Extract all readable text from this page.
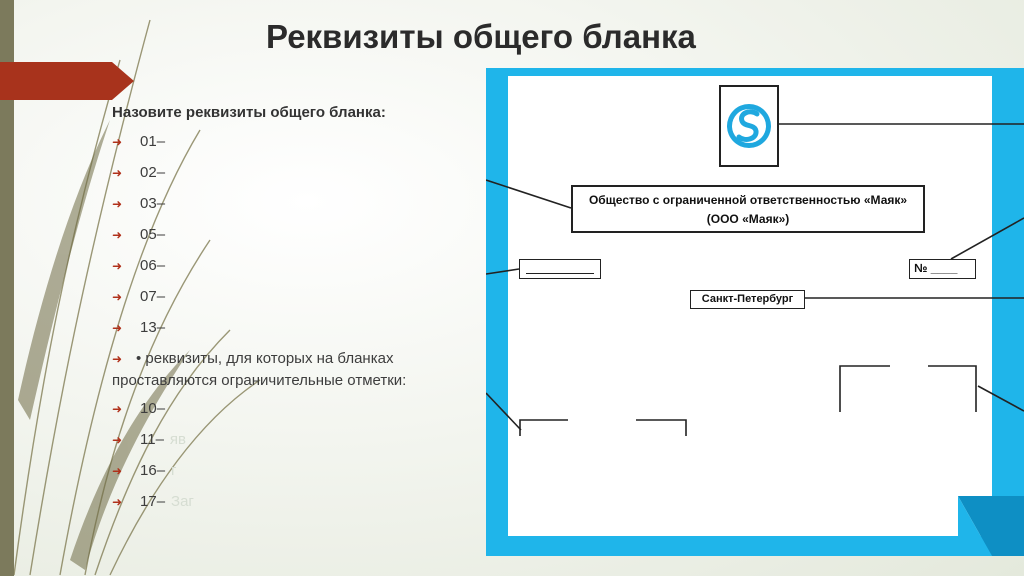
Реквизиты общего бланка
Назовите реквизиты общего бланка:
➜	01 –
➜	02 –
➜	03 –
➜	05 –
➜	06 –
➜	07 –
➜	13 –
➜ • реквизиты, для которых на бланках проставляются ограничительные отметки:
➜	10 –
➜	11 – яв
➜	16 – г
➜	17 – Заг
Общество с ограниченной ответственностью «Маяк»
(ООО «Маяк»)
№ ____
Санкт-Петербург
